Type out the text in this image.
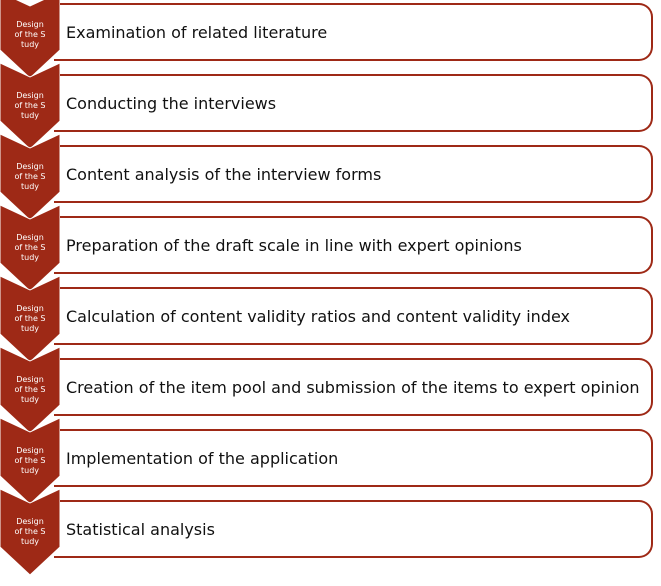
Examination of related literature
Design of the Study
Conducting the interviews
Design of the Study
Content analysis of the interview forms
Design of the Study
Preparation of the draft scale in line with expert opinions
Design of the Study
Calculation of content validity ratios and content validity index
Design of the Study
Creation of the item pool and submission of the items to expert opinion
Design of the Study
Implementation of the application
Design of the Study
Statistical analysis
Design of the Study
